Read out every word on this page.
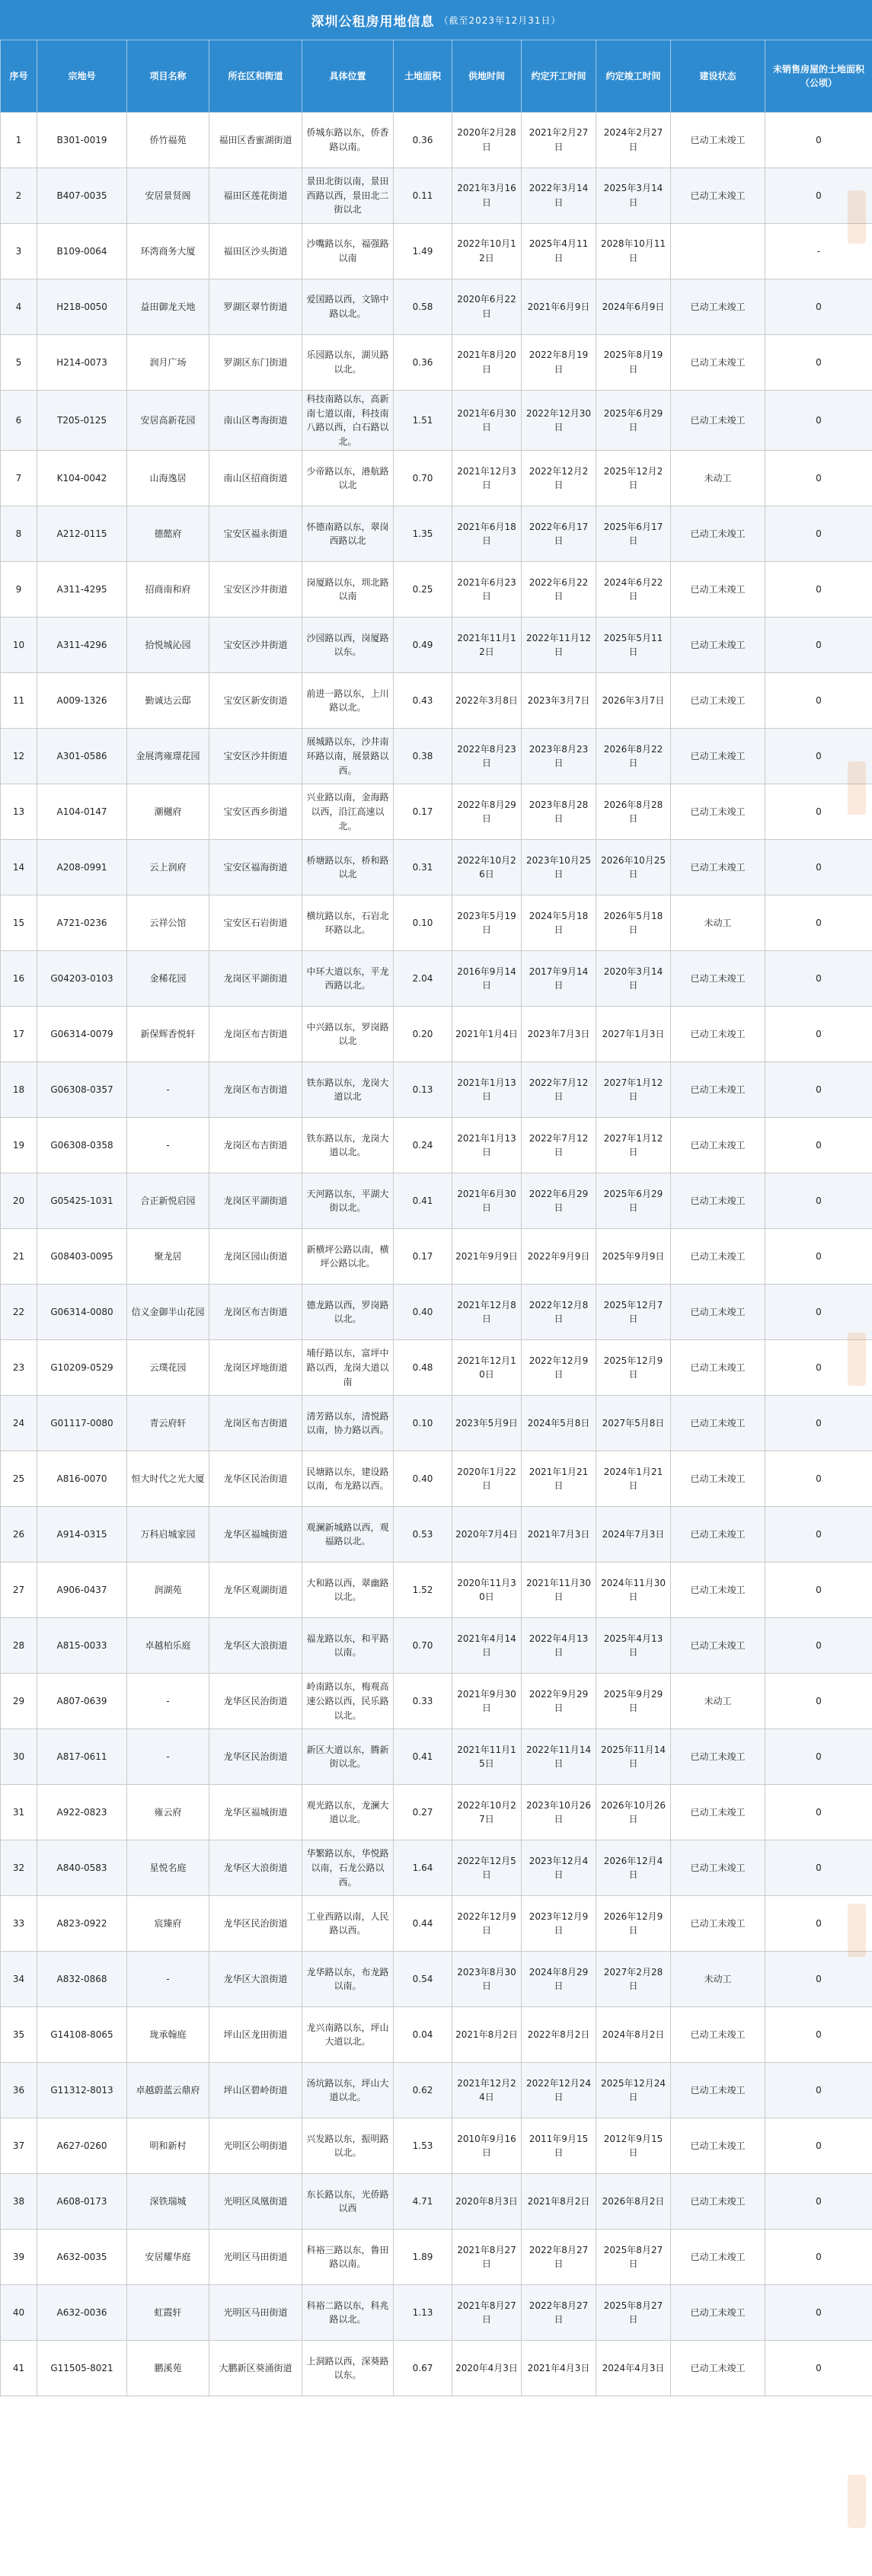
深圳公租房用地信息 （截至2023年12月31日）
序号	宗地号	项目名称	所在区和街道	具体位置	土地面积	供地时间	约定开工时间	约定竣工时间	建设状态	未销售房屋的土地面积（公顷）
1	B301-0019	侨竹福苑	福田区香蜜湖街道	侨城东路以东，侨香路以南。	0.36	2020年2月28日	2021年2月27日	2024年2月27日	已动工未竣工	0
2	B407-0035	安居景贤阁	福田区莲花街道	景田北街以南，景田西路以西，景田北二街以北	0.11	2021年3月16日	2022年3月14日	2025年3月14日	已动工未竣工	0
3	B109-0064	环湾商务大厦	福田区沙头街道	沙嘴路以东，福强路以南	1.49	2022年10月12日	2025年4月11日	2028年10月11日		-
4	H218-0050	益田御龙天地	罗湖区翠竹街道	爱国路以西，文锦中路以北。	0.58	2020年6月22日	2021年6月9日	2024年6月9日	已动工未竣工	0
5	H214-0073	润月广场	罗湖区东门街道	乐园路以东，湖贝路以北。	0.36	2021年8月20日	2022年8月19日	2025年8月19日	已动工未竣工	0
6	T205-0125	安居高新花园	南山区粤海街道	科技南路以东，高新南七道以南，科技南八路以西，白石路以北。	1.51	2021年6月30日	2022年12月30日	2025年6月29日	已动工未竣工	0
7	K104-0042	山海逸居	南山区招商街道	少帝路以东，港航路以北	0.70	2021年12月3日	2022年12月2日	2025年12月2日	未动工	0
8	A212-0115	德懿府	宝安区福永街道	怀德南路以东，翠岗西路以北	1.35	2021年6月18日	2022年6月17日	2025年6月17日	已动工未竣工	0
9	A311-4295	招商南和府	宝安区沙井街道	岗厦路以东，圳北路以南	0.25	2021年6月23日	2022年6月22日	2024年6月22日	已动工未竣工	0
10	A311-4296	拾悦城沁园	宝安区沙井街道	沙园路以西，岗厦路以东。	0.49	2021年11月12日	2022年11月12日	2025年5月11日	已动工未竣工	0
11	A009-1326	勤诚达云邸	宝安区新安街道	前进一路以东，上川路以北。	0.43	2022年3月8日	2023年3月7日	2026年3月7日	已动工未竣工	0
12	A301-0586	金展湾雍璟花园	宝安区沙井街道	展城路以东，沙井南环路以南，展景路以西。	0.38	2022年8月23日	2023年8月23日	2026年8月22日	已动工未竣工	0
13	A104-0147	潮樾府	宝安区西乡街道	兴业路以南，金海路以西，沿江高速以北。	0.17	2022年8月29日	2023年8月28日	2026年8月28日	已动工未竣工	0
14	A208-0991	云上润府	宝安区福海街道	桥塘路以东，桥和路以北	0.31	2022年10月26日	2023年10月25日	2026年10月25日	已动工未竣工	0
15	A721-0236	云祥公馆	宝安区石岩街道	横坑路以东，石岩北环路以北。	0.10	2023年5月19日	2024年5月18日	2026年5月18日	未动工	0
16	G04203-0103	金稀花园	龙岗区平湖街道	中环大道以东，平龙西路以北。	2.04	2016年9月14日	2017年9月14日	2020年3月14日	已动工未竣工	0
17	G06314-0079	新保辉香悦轩	龙岗区布吉街道	中兴路以东，罗岗路以北	0.20	2021年1月4日	2023年7月3日	2027年1月3日	已动工未竣工	0
18	G06308-0357	-	龙岗区布吉街道	铁东路以东，龙岗大道以北	0.13	2021年1月13日	2022年7月12日	2027年1月12日	已动工未竣工	0
19	G06308-0358	-	龙岗区布吉街道	铁东路以东，龙岗大道以北。	0.24	2021年1月13日	2022年7月12日	2027年1月12日	已动工未竣工	0
20	G05425-1031	合正新悦启园	龙岗区平湖街道	天河路以东，平湖大街以北。	0.41	2021年6月30日	2022年6月29日	2025年6月29日	已动工未竣工	0
21	G08403-0095	聚龙居	龙岗区园山街道	新横坪公路以南，横坪公路以北。	0.17	2021年9月9日	2022年9月9日	2025年9月9日	已动工未竣工	0
22	G06314-0080	信义金御半山花园	龙岗区布吉街道	德龙路以西，罗岗路以北。	0.40	2021年12月8日	2022年12月8日	2025年12月7日	已动工未竣工	0
23	G10209-0529	云璞花园	龙岗区坪地街道	埔仔路以东，富坪中路以西，龙岗大道以南	0.48	2021年12月10日	2022年12月9日	2025年12月9日	已动工未竣工	0
24	G01117-0080	青云府轩	龙岗区布吉街道	清芳路以东，清悦路以南，协力路以西。	0.10	2023年5月9日	2024年5月8日	2027年5月8日	已动工未竣工	0
25	A816-0070	恒大时代之光大厦	龙华区民治街道	民塘路以东，建设路以南，布龙路以西。	0.40	2020年1月22日	2021年1月21日	2024年1月21日	已动工未竣工	0
26	A914-0315	万科启城家园	龙华区福城街道	观澜新城路以西，观福路以北。	0.53	2020年7月4日	2021年7月3日	2024年7月3日	已动工未竣工	0
27	A906-0437	润湖苑	龙华区观湖街道	大和路以西，翠幽路以北。	1.52	2020年11月30日	2021年11月30日	2024年11月30日	已动工未竣工	0
28	A815-0033	卓越柏乐庭	龙华区大浪街道	福龙路以东，和平路以南。	0.70	2021年4月14日	2022年4月13日	2025年4月13日	已动工未竣工	0
29	A807-0639	-	龙华区民治街道	岭南路以东，梅观高速公路以西，民乐路以北。	0.33	2021年9月30日	2022年9月29日	2025年9月29日	未动工	0
30	A817-0611	-	龙华区民治街道	新区大道以东，腾新街以北。	0.41	2021年11月15日	2022年11月14日	2025年11月14日	已动工未竣工	0
31	A922-0823	雍云府	龙华区福城街道	观光路以东，龙澜大道以北。	0.27	2022年10月27日	2023年10月26日	2026年10月26日	已动工未竣工	0
32	A840-0583	星悦名庭	龙华区大浪街道	华繁路以东，华悦路以南，石龙公路以西。	1.64	2022年12月5日	2023年12月4日	2026年12月4日	已动工未竣工	0
33	A823-0922	宸臻府	龙华区民治街道	工业西路以南，人民路以西。	0.44	2022年12月9日	2023年12月9日	2026年12月9日	已动工未竣工	0
34	A832-0868	-	龙华区大浪街道	龙华路以东，布龙路以南。	0.54	2023年8月30日	2024年8月29日	2027年2月28日	未动工	0
35	G14108-8065	珑承翰庭	坪山区龙田街道	龙兴南路以东，坪山大道以北。	0.04	2021年8月2日	2022年8月2日	2024年8月2日	已动工未竣工	0
36	G11312-8013	卓越蔚蓝云鼎府	坪山区碧岭街道	汤坑路以东，坪山大道以北。	0.62	2021年12月24日	2022年12月24日	2025年12月24日	已动工未竣工	0
37	A627-0260	明和新村	光明区公明街道	兴发路以东，振明路以北。	1.53	2010年9月16日	2011年9月15日	2012年9月15日	已动工未竣工	0
38	A608-0173	深铁瑞城	光明区凤凰街道	东长路以东，光侨路以西	4.71	2020年8月3日	2021年8月2日	2026年8月2日	已动工未竣工	0
39	A632-0035	安居耀华庭	光明区马田街道	科裕三路以东，鲁田路以南。	1.89	2021年8月27日	2022年8月27日	2025年8月27日	已动工未竣工	0
40	A632-0036	虹霞轩	光明区马田街道	科裕二路以东，科兆路以北。	1.13	2021年8月27日	2022年8月27日	2025年8月27日	已动工未竣工	0
41	G11505-8021	鹏溪苑	大鹏新区葵涌街道	上洞路以西，深葵路以东。	0.67	2020年4月3日	2021年4月3日	2024年4月3日	已动工未竣工	0
